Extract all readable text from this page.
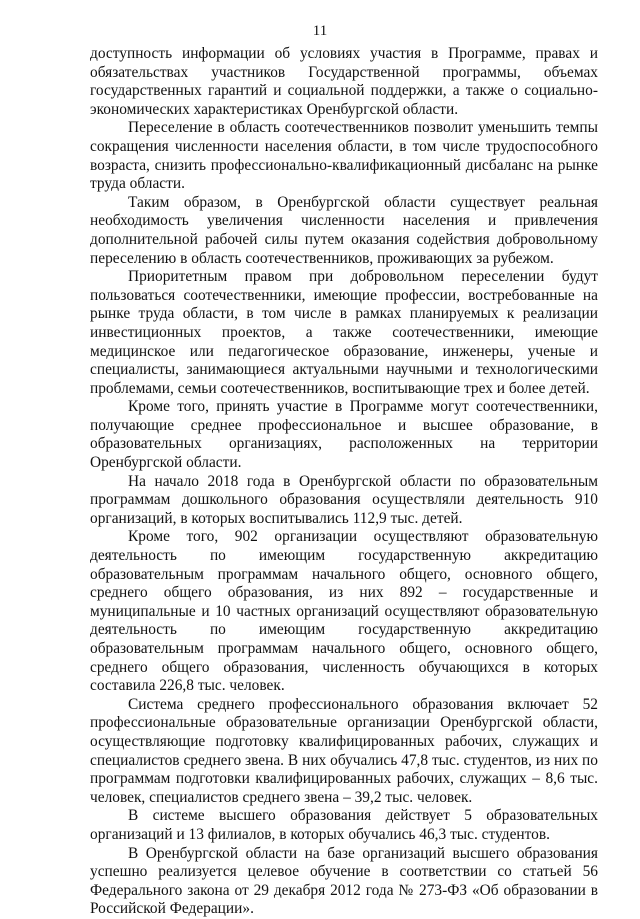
11

доступность информации об условиях участия в Программе, правах и обязательствах участников Государственной программы, объемах государственных гарантий и социальной поддержки, а также о социально-экономических характеристиках Оренбургской области.

Переселение в область соотечественников позволит уменьшить темпы сокращения численности населения области, в том числе трудоспособного возраста, снизить профессионально-квалификационный дисбаланс на рынке труда области.

Таким образом, в Оренбургской области существует реальная необходимость увеличения численности населения и привлечения дополнительной рабочей силы путем оказания содействия добровольному переселению в область соотечественников, проживающих за рубежом.

Приоритетным правом при добровольном переселении будут пользоваться соотечественники, имеющие профессии, востребованные на рынке труда области, в том числе в рамках планируемых к реализации инвестиционных проектов, а также соотечественники, имеющие медицинское или педагогическое образование, инженеры, ученые и специалисты, занимающиеся актуальными научными и технологическими проблемами, семьи соотечественников, воспитывающие трех и более детей.

Кроме того, принять участие в Программе могут соотечественники, получающие среднее профессиональное и высшее образование, в образовательных организациях, расположенных на территории Оренбургской области.

На начало 2018 года в Оренбургской области по образовательным программам дошкольного образования осуществляли деятельность 910 организаций, в которых воспитывались 112,9 тыс. детей.

Кроме того, 902 организации осуществляют образовательную деятельность по имеющим государственную аккредитацию образовательным программам начального общего, основного общего, среднего общего образования, из них 892 – государственные и муниципальные и 10 частных организаций осуществляют образовательную деятельность по имеющим государственную аккредитацию образовательным программам начального общего, основного общего, среднего общего образования, численность обучающихся в которых составила 226,8 тыс. человек.

Система среднего профессионального образования включает 52 профессиональные образовательные организации Оренбургской области, осуществляющие подготовку квалифицированных рабочих, служащих и специалистов среднего звена. В них обучались 47,8 тыс. студентов, из них по программам подготовки квалифицированных рабочих, служащих – 8,6 тыс. человек, специалистов среднего звена – 39,2 тыс. человек.

В системе высшего образования действует 5 образовательных организаций и 13 филиалов, в которых обучались 46,3 тыс. студентов.

В Оренбургской области на базе организаций высшего образования успешно реализуется целевое обучение в соответствии со статьей 56 Федерального закона от 29 декабря 2012 года № 273-ФЗ «Об образовании в Российской Федерации».
